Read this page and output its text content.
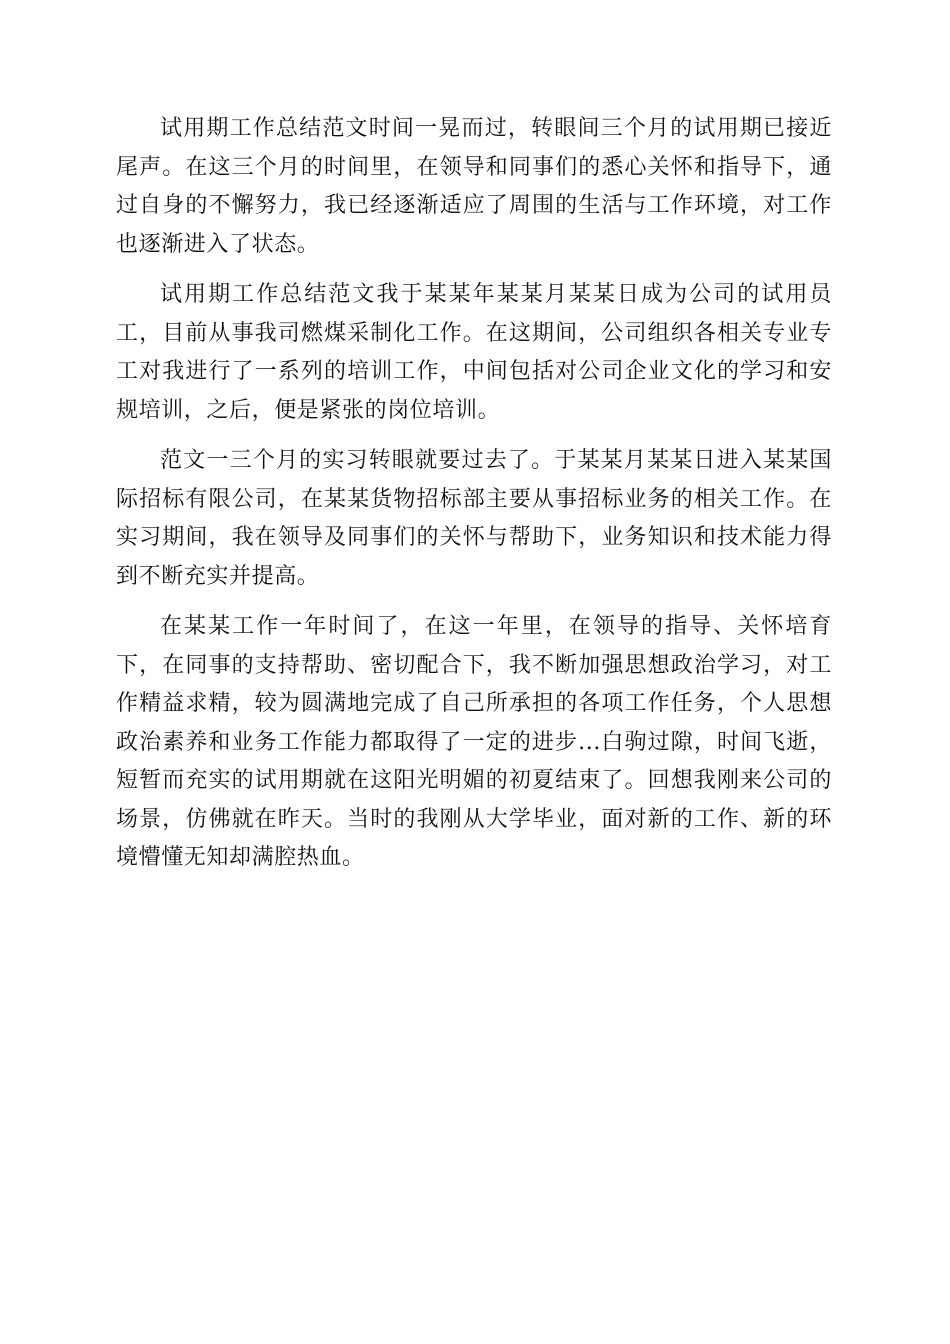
试用期工作总结范文时间一晃而过，转眼间三个月的试用期已接近尾声。在这三个月的时间里，在领导和同事们的悉心关怀和指导下，通过自身的不懈努力，我已经逐渐适应了周围的生活与工作环境，对工作也逐渐进入了状态。

试用期工作总结范文我于某某年某某月某某日成为公司的试用员工，目前从事我司燃煤采制化工作。在这期间，公司组织各相关专业专工对我进行了一系列的培训工作，中间包括对公司企业文化的学习和安规培训，之后，便是紧张的岗位培训。

范文一三个月的实习转眼就要过去了。于某某月某某日进入某某国际招标有限公司，在某某货物招标部主要从事招标业务的相关工作。在实习期间，我在领导及同事们的关怀与帮助下，业务知识和技术能力得到不断充实并提高。

在某某工作一年时间了，在这一年里，在领导的指导、关怀培育下，在同事的支持帮助、密切配合下，我不断加强思想政治学习，对工作精益求精，较为圆满地完成了自己所承担的各项工作任务，个人思想政治素养和业务工作能力都取得了一定的进步...白驹过隙，时间飞逝，短暂而充实的试用期就在这阳光明媚的初夏结束了。回想我刚来公司的场景，仿佛就在昨天。当时的我刚从大学毕业，面对新的工作、新的环境懵懂无知却满腔热血。
